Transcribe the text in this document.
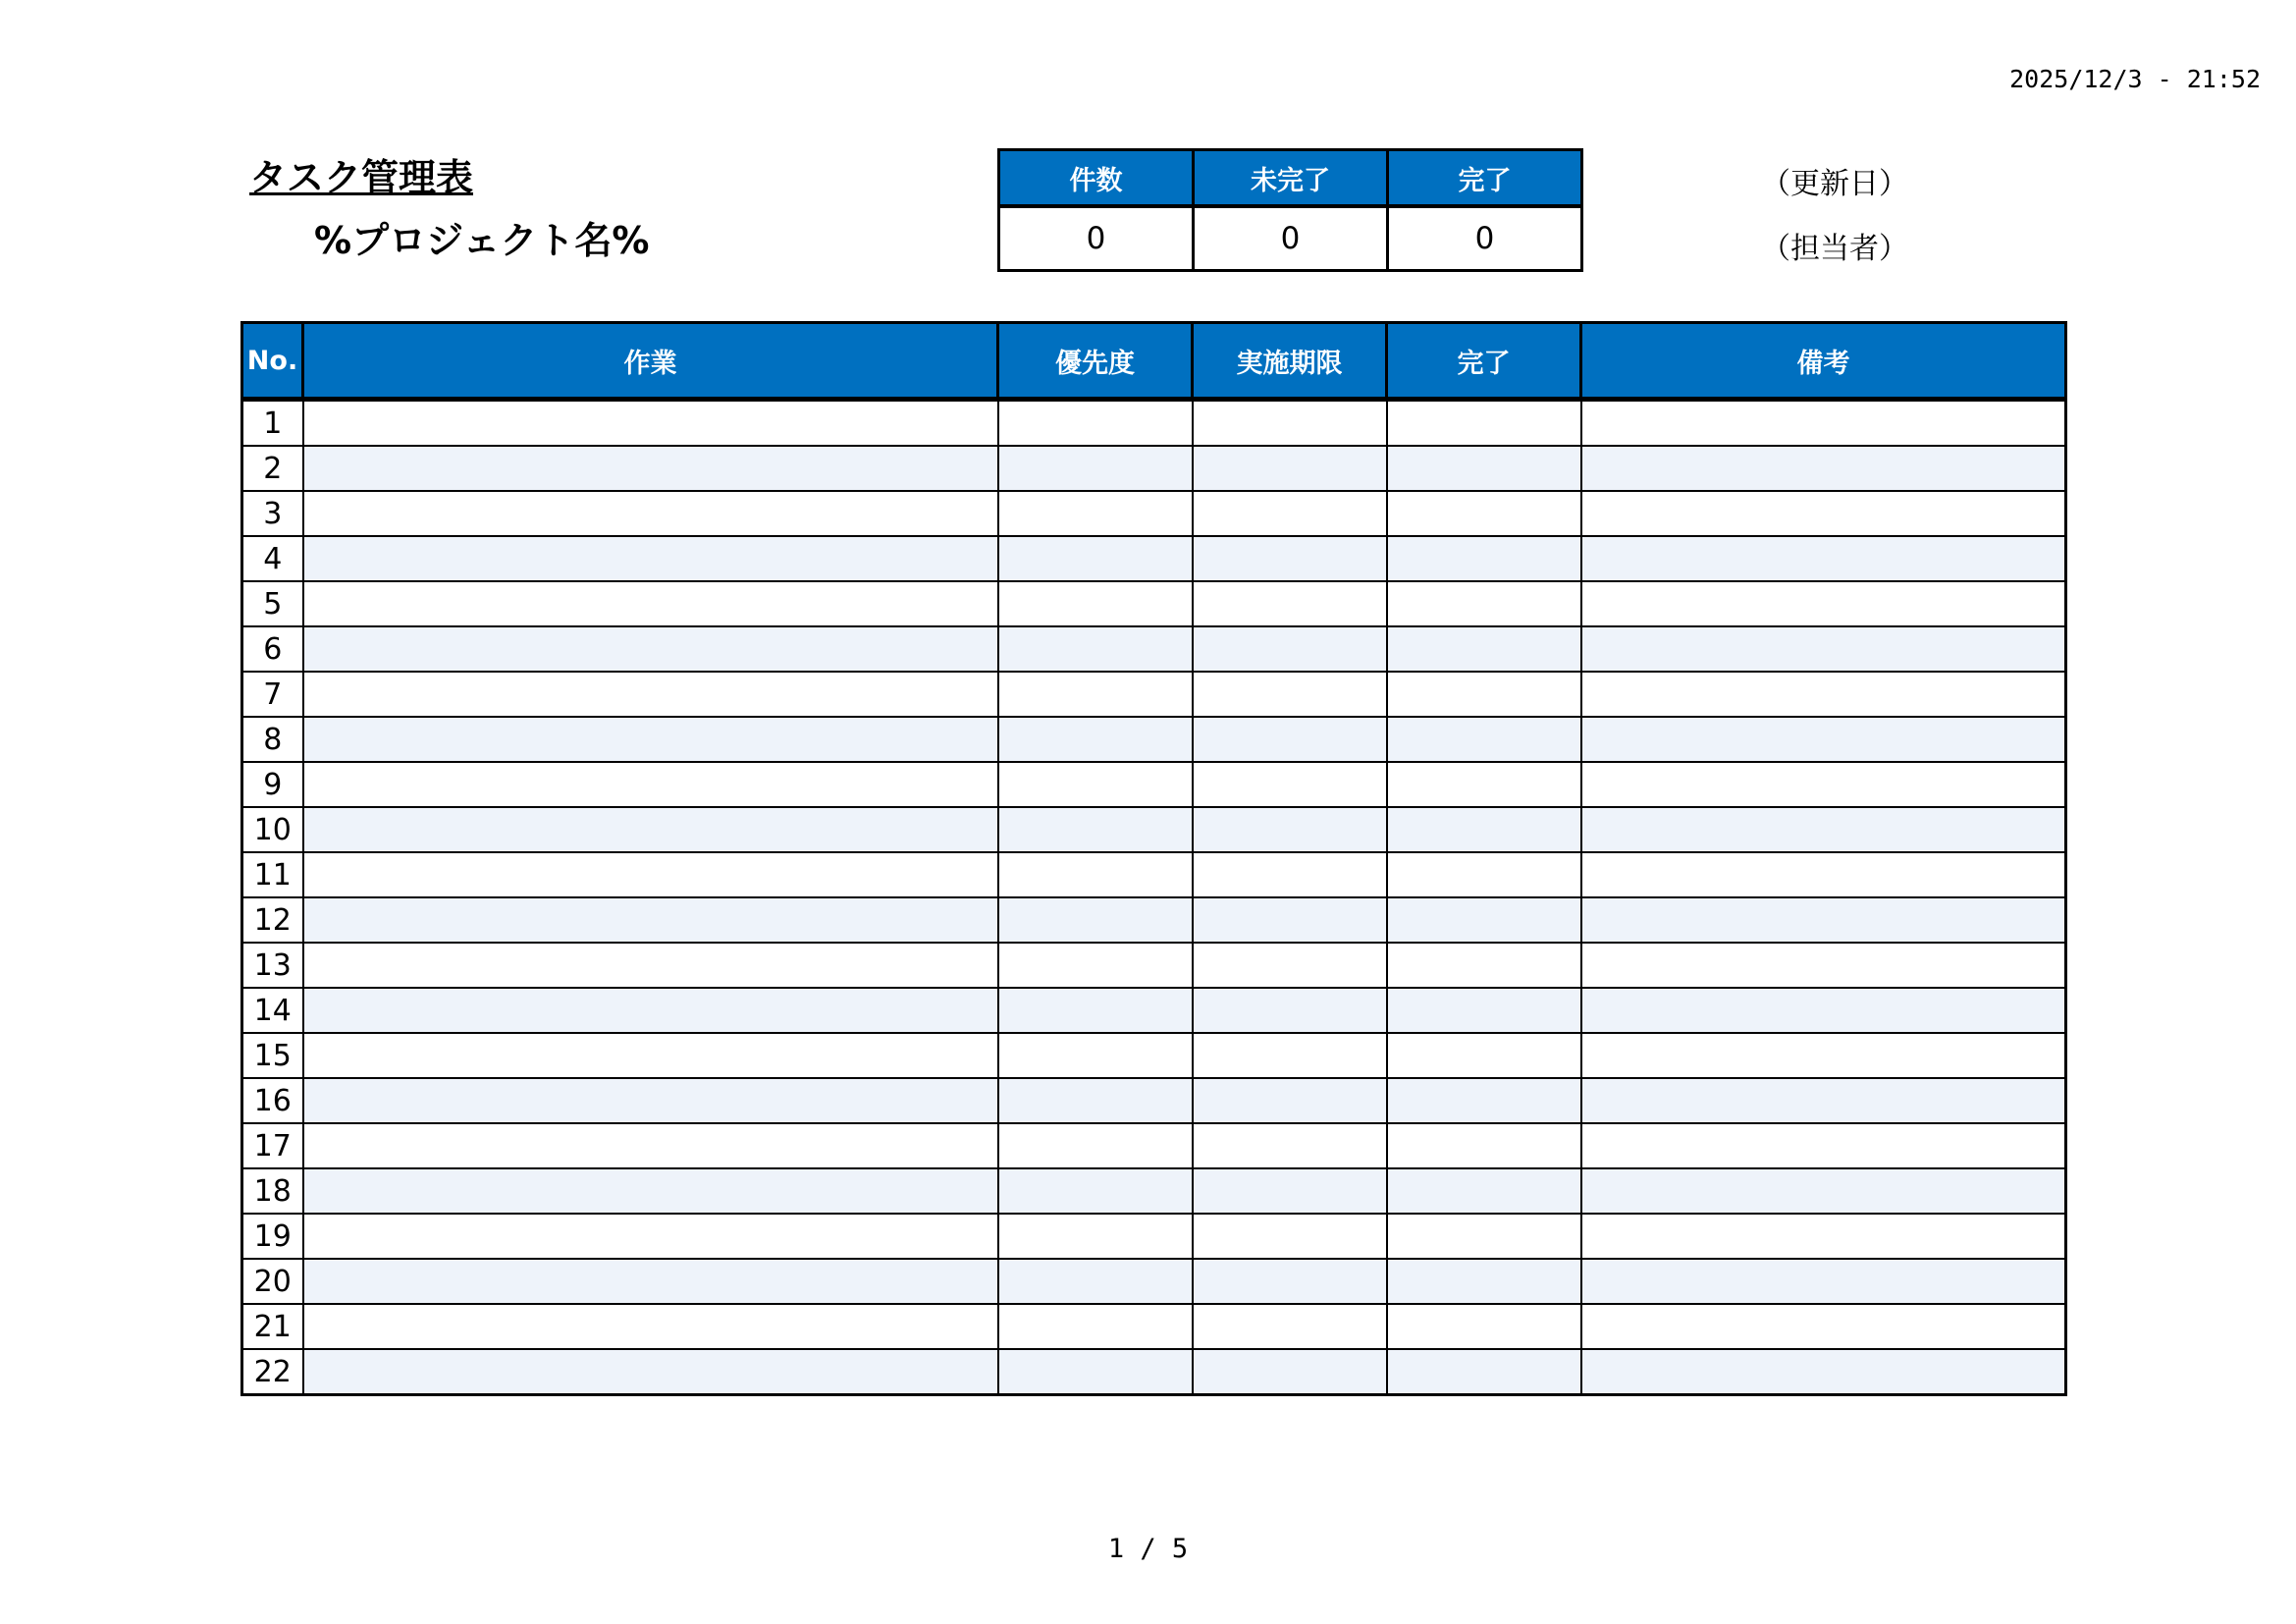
2025/12/3 - 21:52
タスク管理表
%プロジェクト名%
件数	未完了	完了
0	0	0
（更新日）
（担当者）
No.	作業	優先度	実施期限	完了	備考
1					
2					
3					
4					
5					
6					
7					
8					
9					
10					
11					
12					
13					
14					
15					
16					
17					
18					
19					
20					
21					
22					
1 / 5
